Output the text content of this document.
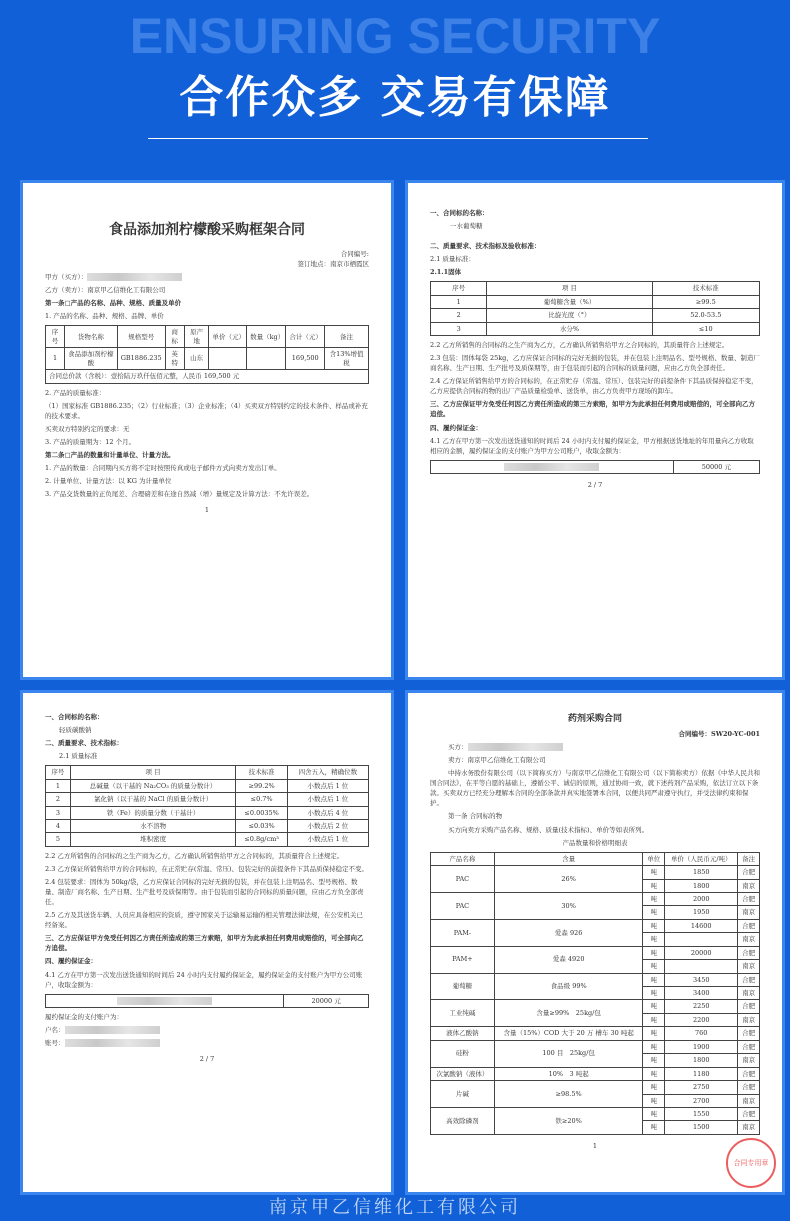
ENSURING SECURITY
合作众多 交易有保障
食品添加剂柠檬酸采购框架合同
合同编号:
签订地点：南京市栖霞区
甲方（买方）：
乙方（卖方）：南京甲乙信维化工有限公司
第一条□产品的名称、品种、规格、质量及单价
1. 产品的名称、品种、规格、品牌、单价
序号	货物名称	规格型号	商标	原产地	单价（元）	数量（kg）	合计（元）	备注
1	食品添加剂柠檬酸	GB1886.235	英特	山东			169,500	含13%增值税
合同总价款（含税）：壹拾陆万玖仟伍佰元整，人民币 169,500 元								
2. 产品的质量标准：
（1）国家标准 GB1886.235；（2）行业标准；（3）企业标准；（4）买卖双方特别约定的技术条件、样品或补充的技术要求。
买卖双方特别约定的要求：无
3. 产品的质量期为：12 个月。
第二条□产品的数量和计量单位、计量方法。
1. 产品的数量：合同期内买方将不定时按照传真或电子邮件方式向卖方发出订单。
2. 计量单位、计量方法：以 KG 为计量单位
3. 产品交货数量的正负尾差、合理磅差和在途自然减（增）量规定及计算方法：不允许误差。
1
一、合同标的名称：
一水葡萄糖
二、质量要求、技术指标及验收标准：
2.1 质量标准：
2.1.1固体
序号	项 目	技术标准
1	葡萄糖含量（%）	≥99.5
2	比旋光度（°）	52.0-53.5
3	水分%	≤10
2.2 乙方所销售的合同标的之生产商为乙方，乙方确认所销售给甲方之合同标的，其质量符合上述规定。
2.3 包装：固体每袋 25kg，乙方应保证合同标的完好无损的包装，并在包装上注明品名、型号规格、数量、制造厂商名称、生产日期、生产批号及质保期等，由于包装而引起的合同标的质量问题，应由乙方负全部责任。
2.4 乙方保证所销售给甲方的合同标的，在正常贮存（常温、常压）、包装完好的前提条件下其品质保持稳定不变，乙方应提供合同标的物的出厂产品质量检验单、送货单，由乙方负责甲方现场的卸车。
三、乙方应保证甲方免受任何因乙方责任所造成的第三方索赔，如甲方为此承担任何费用或赔偿的，可全部向乙方追偿。
四、履约保证金：
4.1 乙方在甲方第一次发出送货通知的时间后 24 小时内支付履约保证金，甲方根据送货地址的年用量向乙方收取相应的金额，履约保证金的支付账户为甲方公司账户，收取金额为：
	50000 元
2 / 7
一、合同标的名称：
轻质碳酸钠
二、质量要求、技术指标：
2.1 质量标准
序号	项 目	技术标准	四舍五入，精确位数
1	总碱量（以干基的 Na₂CO₃ 的质量分数计）	≥99.2%	小数点后 1 位
2	氯化钠（以干基的 NaCl 的质量分数计）	≤0.7%	小数点后 1 位
3	铁（Fe）的质量分数（干基计）	≤0.0035%	小数点后 4 位
4	水不溶物	≤0.03%	小数点后 2 位
5	堆积密度	≤0.8g/cm³	小数点后 1 位
2.2 乙方所销售的合同标的之生产商为乙方，乙方确认所销售给甲方之合同标的，其质量符合上述规定。
2.3 乙方保证所销售给甲方的合同标的，在正常贮存(常温、常压)、包装完好的前提条件下其品质保持稳定不变。
2.4 包装要求：固体为 50kg/袋，乙方应保证合同标的完好无损的包装，并在包装上注明品名、型号规格、数量、制造厂商名称、生产日期、生产批号及质保期等。由于包装而引起的合同标的质量问题，应由乙方负全部责任。
2.5 乙方及其送货车辆、人员应具备相应的资质，遵守国家关于运输易运输的相关管理法律法规，在公安机关已经备案。
三、乙方应保证甲方免受任何因乙方责任所造成的第三方索赔，如甲方为此承担任何费用或赔偿的，可全部向乙方追偿。
四、履约保证金：
4.1 乙方在甲方第一次发出送货通知的时间后 24 小时内支付履约保证金，履约保证金的支付账户为甲方公司账户，收取金额为：
	20000 元
履约保证金的支付账户为：
户名：
账号：
2 / 7
药剂采购合同
合同编号：SW20-YC-001
买方：
卖方：南京甲乙信维化工有限公司
中持水务股份有限公司（以下简称买方）与南京甲乙信维化工有限公司（以下简称卖方）依据《中华人民共和国合同法》，在平等自愿的基础上，遵循公平、诚信的原则，通过协商一致，就下述药剂产品采购，依法订立以下条款。买卖双方已经充分理解本合同的全部条款并真实地签署本合同，以便共同严肃遵守执行，并受法律约束和保护。
第一条 合同标的物
买方向卖方采购产品名称、规格、质量(技术指标)、单价等如表所列。
产品数量和价格明细表
产品名称	含量	单位	单价（人民币元/吨）	备注
PAC	26%	吨	1850	合肥
		吨	1800	南京
PAC	30%	吨	2000	合肥
		吨	1950	南京
PAM-	爱森 926	吨	14600	合肥
		吨		南京
PAM+	爱森 4920	吨	20000	合肥
		吨		南京
葡萄糖	食品级 99%	吨	3450	合肥
		吨	3400	南京
工业纯碱	含量≥99%　25kg/包	吨	2250	合肥
		吨	2200	南京
液体乙酸钠	含量（15%）COD 大于 20 万 槽车 30 吨起	吨	760	合肥
硅粉	100 目　25kg/包	吨	1900	合肥
		吨	1800	南京
次氯酸钠（液体）	10%　3 吨起	吨	1180	合肥
片碱	≥98.5%	吨	2750	合肥
		吨	2700	南京
高效除磷剂	铁≥20%	吨	1550	合肥
		吨	1500	南京
1
合同专用章
南京甲乙信维化工有限公司
